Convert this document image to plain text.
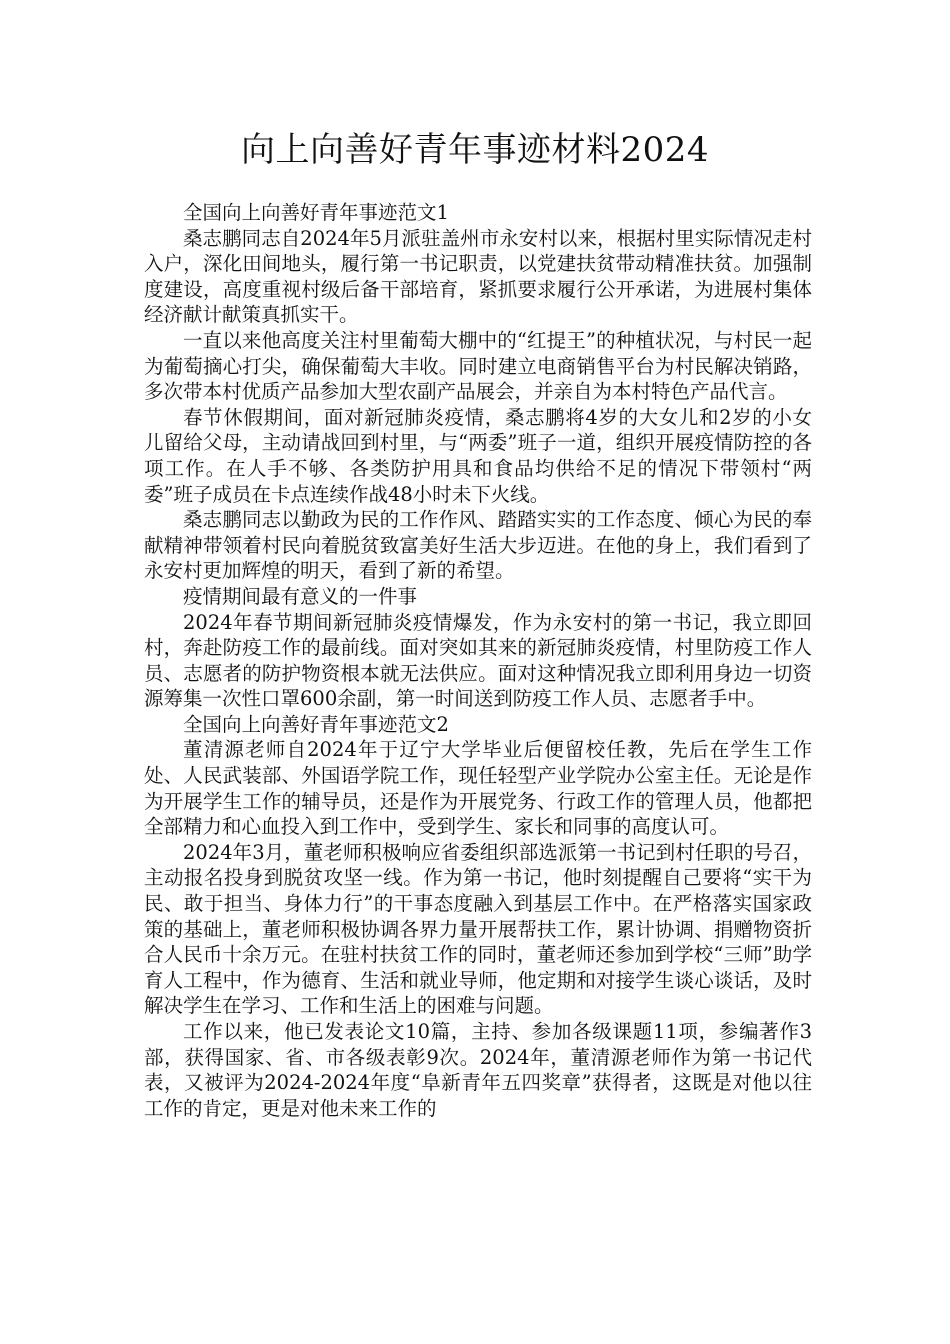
向上向善好青年事迹材料2024

全国向上向善好青年事迹范文1

桑志鹏同志自2024年5月派驻盖州市永安村以来，根据村里实际情况走村入户，深化田间地头，履行第一书记职责，以党建扶贫带动精准扶贫。加强制度建设，高度重视村级后备干部培育，紧抓要求履行公开承诺，为进展村集体经济献计献策真抓实干。

一直以来他高度关注村里葡萄大棚中的“红提王”的种植状况，与村民一起为葡萄摘心打尖，确保葡萄大丰收。同时建立电商销售平台为村民解决销路，多次带本村优质产品参加大型农副产品展会，并亲自为本村特色产品代言。

春节休假期间，面对新冠肺炎疫情，桑志鹏将4岁的大女儿和2岁的小女儿留给父母，主动请战回到村里，与“两委”班子一道，组织开展疫情防控的各项工作。在人手不够、各类防护用具和食品均供给不足的情况下带领村“两委”班子成员在卡点连续作战48小时未下火线。

桑志鹏同志以勤政为民的工作作风、踏踏实实的工作态度、倾心为民的奉献精神带领着村民向着脱贫致富美好生活大步迈进。在他的身上，我们看到了永安村更加辉煌的明天，看到了新的希望。

疫情期间最有意义的一件事

2024年春节期间新冠肺炎疫情爆发，作为永安村的第一书记，我立即回村，奔赴防疫工作的最前线。面对突如其来的新冠肺炎疫情，村里防疫工作人员、志愿者的防护物资根本就无法供应。面对这种情况我立即利用身边一切资源筹集一次性口罩600余副，第一时间送到防疫工作人员、志愿者手中。

全国向上向善好青年事迹范文2

董清源老师自2024年于辽宁大学毕业后便留校任教，先后在学生工作处、人民武装部、外国语学院工作，现任轻型产业学院办公室主任。无论是作为开展学生工作的辅导员，还是作为开展党务、行政工作的管理人员，他都把全部精力和心血投入到工作中，受到学生、家长和同事的高度认可。

2024年3月，董老师积极响应省委组织部选派第一书记到村任职的号召，主动报名投身到脱贫攻坚一线。作为第一书记，他时刻提醒自己要将“实干为民、敢于担当、身体力行”的干事态度融入到基层工作中。在严格落实国家政策的基础上，董老师积极协调各界力量开展帮扶工作，累计协调、捐赠物资折合人民币十余万元。在驻村扶贫工作的同时，董老师还参加到学校“三师”助学育人工程中，作为德育、生活和就业导师，他定期和对接学生谈心谈话，及时解决学生在学习、工作和生活上的困难与问题。

工作以来，他已发表论文10篇，主持、参加各级课题11项，参编著作3部，获得国家、省、市各级表彰9次。2024年，董清源老师作为第一书记代表，又被评为2024-2024年度“阜新青年五四奖章”获得者，这既是对他以往工作的肯定，更是对他未来工作的
